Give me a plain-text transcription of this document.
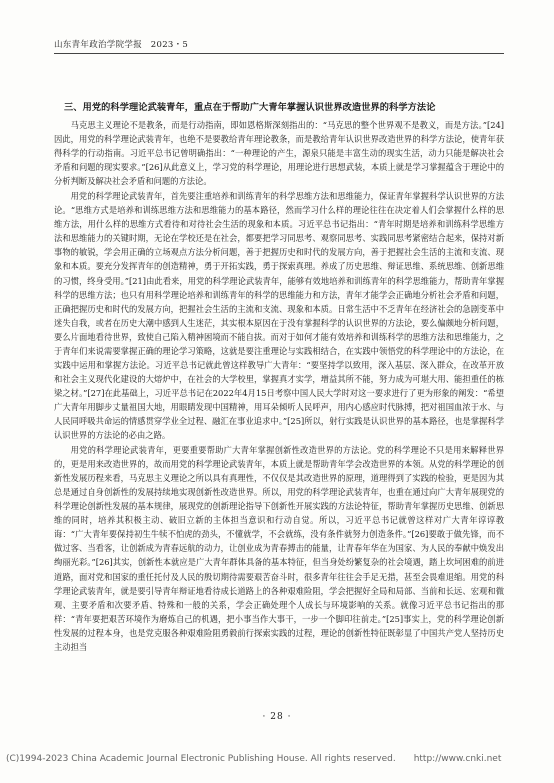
山东青年政治学院学报　2023・5
三、用党的科学理论武装青年，重点在于帮助广大青年掌握认识世界改造世界的科学方法论

马克思主义理论不是教条，而是行动指南，即如恩格斯深刻指出的：“马克思的整个世界观不是教义，而是方法。”[24]因此，用党的科学理论武装青年，也绝不是要教给青年理论教条，而是教给青年认识世界改造世界的科学方法论，使青年获得科学的行动指南。习近平总书记曾明确指出：“一种理论的产生，源泉只能是丰富生动的现实生活，动力只能是解决社会矛盾和问题的现实要求。”[26]从此意义上，学习党的科学理论，用理论进行思想武装，本质上就是学习掌握蕴含于理论中的分析判断及解决社会矛盾和问题的方法论。

用党的科学理论武装青年，首先要注重培养和训练青年的科学思维方法和思维能力，保证青年掌握科学认识世界的方法论。“思维方式是培养和训练思维方法和思维能力的基本路径，然而学习什么样的理论往往在决定着人们会掌握什么样的思维方法，用什么样的思维方式看待和对待社会生活的现象和本质。习近平总书记指出：“青年时期是培养和训练科学思维方法和思维能力的关键时期，无论在学校还是在社会，都要把学习同思考、观察同思考、实践同思考紧密结合起来，保持对新事物的敏锐，学会用正确的立场观点方法分析问题，善于把握历史和时代的发展方向，善于把握社会生活的主流和支流、现象和本质。要充分发挥青年的创造精神，勇于开拓实践，勇于探索真理。养成了历史思维、辩证思维、系统思维、创新思维的习惯，终身受用。”[21]由此看来，用党的科学理论武装青年，能够有效地培养和训练青年的科学思维能力，帮助青年掌握科学的思维方法；也只有用科学理论培养和训练青年的科学的思维能力和方法，青年才能学会正确地分析社会矛盾和问题，正确把握历史和时代的发展方向，把握社会生活的主流和支流、现象和本质。日常生活中不乏青年在经济社会的急剧变革中迷失自我，或者在历史大潮中感到人生迷茫，其实根本原因在于没有掌握科学的认识世界的方法论，要么偏颇地分析问题，要么片面地看待世界，致使自己陷入精神困境而不能自拔。而对于如何才能有效培养和训练科学的思维方法和思维能力，之于青年们来说需要掌握正确的理论学习策略，这就是要注重理论与实践相结合，在实践中领悟党的科学理论中的方法论，在实践中运用和掌握方法论。习近平总书记就此曾这样教导广大青年：“要坚持学以致用，深入基层、深入群众，在改革开放和社会主义现代化建设的大熔炉中，在社会的大学校里，掌握真才实学，增益其所不能，努力成为可堪大用、能担重任的栋梁之材。”[27]在此基础上，习近平总书记在2022年4月15日考察中国人民大学时对这一要求进行了更为形象的阐发：“希望广大青年用脚步丈量祖国大地，用眼睛发现中国精神，用耳朵倾听人民呼声，用内心感应时代脉搏，把对祖国血浓于水、与人民同呼吸共命运的情感贯穿学业全过程、融汇在事业追求中。”[25]所以，射行实践是认识世界的基本路径，也是掌握科学认识世界的方法论的必由之路。

用党的科学理论武装青年，更要重要帮助广大青年掌握创新性改造世界的方法论。党的科学理论不只是用来解释世界的，更是用来改造世界的，故而用党的科学理论武装青年，本质上就是帮助青年学会改造世界的本领。从党的科学理论的创新性发展历程来看，马克思主义理论之所以具有真理性，不仅仅是其改造世界的原理，道理得到了实践的检验，更是因为其总是通过自身创新性的发展持续地实现创新性改造世界。所以，用党的科学理论武装青年，也重在通过向广大青年展现党的科学理论创新性发展的基本规律，展现党的创新理论指导下创新性开展实践的方法论特征，帮助青年掌握历史思维、创新思维的同时，培养其积极主动、破旧立新的主体担当意识和行动自觉。所以，习近平总书记就曾这样对广大青年谆谆教诲：“广大青年要保持初生牛犊不怕虎的劲头，不懂就学，不会就练，没有条件就努力创造条件。”[26]要敢于做先锋，而不做过客、当看客，让创新成为青春远航的动力，让创业成为青春搏击的能量，让青春年华在为国家、为人民的奉献中焕发出绚丽光彩。”[26]其实，创新性本就应是广大青年群体具备的基本特征，但当身处纷繁复杂的社会境遇，踏上坎坷困难的前进道路，面对党和国家的重任托付及人民的殷切期待需要艰苦奋斗时，很多青年往往会手足无措，甚至会畏难退缩。用党的科学理论武装青年，就是要引导青年辩证地看待成长道路上的各种艰难险阻，学会把握好全局和局部、当前和长远、宏观和微观、主要矛盾和次要矛盾、特殊和一般的关系，学会正确处理个人成长与环境影响的关系。就像习近平总书记指出的那样：“青年要把艰苦环境作为磨炼自己的机遇，把小事当作大事干，一步一个脚印往前走。”[25]事实上，党的科学理论创新性发展的过程本身，也是党克服各种艰难险阻勇毅前行探索实践的过程，理论的创新性特征既彰显了中国共产党人坚持历史主动担当

· 28 ·
(C)1994-2023 China Academic Journal Electronic Publishing House. All rights reserved.　　http://www.cnki.net
